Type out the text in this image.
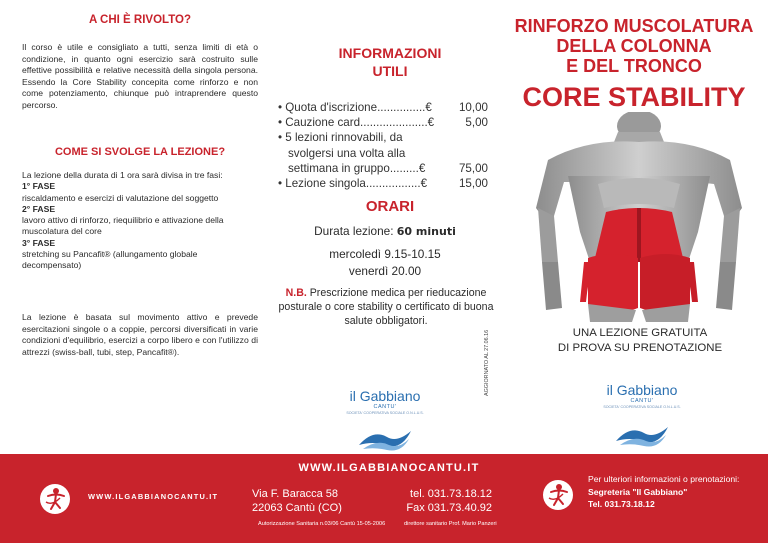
A CHI È RIVOLTO?
Il corso è utile e consigliato a tutti, senza limiti di età o condizione, in quanto ogni esercizio sarà costruito sulle effettive possibilità e relative necessità della singola persona. Essendo la Core Stability concepita come rinforzo e non come potenziamento, chiunque può intraprendere questo percorso.
COME SI SVOLGE LA LEZIONE?
La lezione della durata di 1 ora sarà divisa in tre fasi:
1° FASE
riscaldamento e esercizi di valutazione del soggetto
2° FASE
lavoro attivo di rinforzo, riequilibrio e attivazione della muscolatura del core
3° FASE
stretching su Pancafit® (allungamento globale decompensato)
La lezione è basata sul movimento attivo e prevede esercitazioni singole o a coppie, percorsi diversificati in varie condizioni d'equilibrio, esercizi a corpo libero e con l'utilizzo di attrezzi (swiss-ball, tubi, step, Pancafit®).
INFORMAZIONI
UTILI
• Quota d'iscrizione...............€ 10,00
• Cauzione card.....................€	5,00
• 5 lezioni rinnovabili, da
svolgersi una volta alla
settimana in gruppo.........€	75,00
• Lezione singola.................€	15,00
ORARI
Durata lezione: 60 minuti
mercoledì 9.15-10.15
venerdì 20.00
N.B. Prescrizione medica per rieducazione posturale o core stability o certificato di buona salute obbligatori.
AGGIORNATO AL 27.06.16
il Gabbiano
CANTU'
SOCIETA' COOPERATIVA SOCIALE O.N.L.U.S.
RINFORZO MUSCOLATURA
DELLA COLONNA
E DEL TRONCO
CORE STABILITY
UNA LEZIONE GRATUITA
DI PROVA SU PRENOTAZIONE
il Gabbiano
CANTU'
SOCIETA' COOPERATIVA SOCIALE O.N.L.U.S.
WWW.ILGABBIANOCANTU.IT
WWW.ILGABBIANOCANTU.IT	Via F. Baracca 58
22063 Cantù (CO)
tel. 031.73.18.12
Fax 031.73.40.92
Autorizzazione Sanitaria n.03/06 Cantù 15-05-2006	direttore sanitario Prof. Mario Panzeri
Per ulteriori informazioni o prenotazioni:
Segreteria "Il Gabbiano"
Tel. 031.73.18.12
